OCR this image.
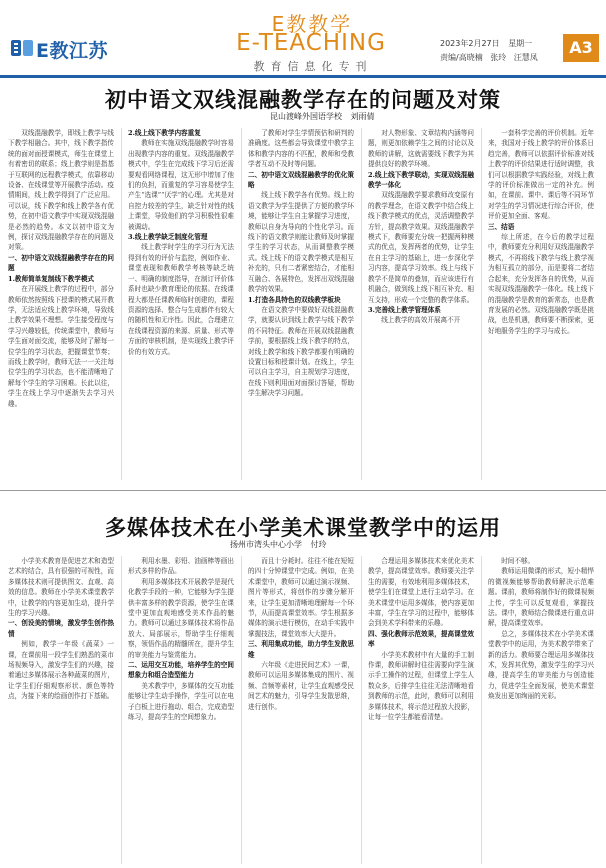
E教江苏
E教教学
E-TEACHING
教育信息化专刊
2023年2月27日 星期一
责编/高晓楠 张玲 汪慧凤
A3
初中语文双线混融教学存在的问题及对策
昆山渡峰外国语学校 刘雨倩

双线混融教学，即线上教学与线下教学相融合。其中，线下教学指传统的面对面授课模式，师生在课堂上有着密切的联系；线上教学则是指基于互联网的远程教学模式，依靠移动设备、在线课堂等开展教学活动。疫情期间，线上教学得到了广泛应用。可以说，线下教学和线上教学各有优势，在初中语文教学中实现双线混融是必然的趋势。本文以初中语文为例，探讨双线混融教学存在的问题及对策。

一、初中语文双线混融教学存在的问题

1.教师简单复制线下教学模式

在开展线上教学的过程中，部分教师依然按照线下授课的模式展开教学，无法适应线上教学环境，导致线上教学效果不理想。学生接受程度与学习兴趣较低，传统课堂中，教师与学生面对面交流，能够及时了解每一位学生的学习状态，把握课堂节奏；而线上教学时，教师无法一一关注每位学生的学习状态，也不能清晰地了解每个学生的学习困难。长此以往，学生在线上学习中逐渐失去学习兴趣。

2.线上线下教学内容重复

教师在实施双线混融教学时容易出现教学内容的重复。双线混融教学模式中，学生在完成线下学习后还需要观看网络课程，这无形中增加了他们的负担，而重复的学习容易使学生产生“选课”“厌学”的心理。尤其是对自控力较差的学生，缺乏针对性的线上课堂，导致他们的学习积极性很难被调动。

3.线上教学缺乏制度化管理

线上教学时学生的学习行为无法得到有效的评价与监控，例如作业、课堂表现和教师教学考核等缺乏统一、明确的制度指导，在制订评价体系时也缺少教育理论的依据。在线课程大都是任课教师临时创建的，课程资源的选择、整合与生成都伴有较大的随机性和无序性。因此，合理建立在线课程资源的来源、质量、形式等方面的审核机制，是实现线上教学评价的有效方式。

了教师对学生学情预估和研判的准确度。这些都会导致课堂中教学主体和教学内容的不匹配，教师和受教学者互动不及时等问题。

二、初中语文双线混融教学的优化策略

线上线下教学各有优势。线上的语文教学为学生提供了方便的教学环境，能够让学生自主掌握学习进度，教师以自身为导向的个性化学习。而线下的语文教学则能让教师及时掌握学生的学习状态，从而调整教学模式。线上线下的语文教学模式是相互补充的，只有二者紧密结合，才能相互融合、各展特色，发挥出双线混融教学的效果。

1.打造各具特色的双线教学板块

在语文教学中要做好双线混融教学，就要认识到线上教学与线下教学的不同特征。教师在开展双线混融教学前，要根据线上线下教学的特点，对线上教学和线下教学都要有明确的设置目标和授课计划。在线上，学生可以自主学习，自主规划学习进度，在线下则利用面对面探讨答疑，帮助学生解决学习问题。

对人物形象、文章结构内涵等问题，则更加依赖学生之间的讨论以及教师的讲解，这就需要线下教学为其提供良好的教学环境。

2.线上线下教学联动，实现双线混融教学一体化

双线混融教学要求教师改变原有的教学理念，在语文教学中结合线上线下教学模式的优点，灵活调整教学方针，提高教学效果。双线混融教学模式下，教师要充分统一把握两种模式的优点，发挥两者的优势，让学生在自主学习的基础上，进一步深化学习内容，提高学习效率。线上与线下教学不是简单的叠加，而应该进行有机融合，做到线上线下相互补充、相互支持，形成一个完整的教学体系。

3.完善线上教学管理体系

线上教学的高效开展离不开

一套科学完善的评价机制。近年来，我国对于线上教学的评价体系日趋完善，教师可以依据评价标准对线上教学的评价结果进行适时调整，我们可以根据教学实践经验，对线上教学的评价标准做出一定的补充。例如，在课前、课中、课后等不同环节对学生的学习情况进行综合评价，使评价更加全面、客观。

三、结语

综上所述，在今后的教学过程中，教师要充分利用好双线混融教学模式，不再将线下教学与线上教学视为相互孤立的部分，而是要将二者结合起来，充分发挥各自的优势，从而实现双线混融教学一体化。线上线下的混融教学是教育的新常态，也是教育发展的必然。双线混融教学既是挑战，也是机遇，教师要不断探索，更好地服务学生的学习与成长。

多媒体技术在小学美术课堂教学中的运用
扬州市湾头中心小学 付玲

小学美术教育是促进艺术和造型艺术的结合，具有很强的可视性，而多媒体技术则可提供图文、直观、高效的信息。教师在小学美术课堂教学中，让教学的内容更加生动，提升学生的学习兴趣。

一、创设美的情境，激发学生创作热情

例如，教学一年级《蔬菜》一课，在课前用一段学生们熟悉的菜市场视频导入，激发学生们的兴趣，接着通过多媒体展示各种蔬菜的图片，让学生们仔细观察形状、颜色等特点，为接下来的绘画创作打下基础。

利用水墨、彩铅、油画棒等画出形式多样的作品。

利用多媒体技术开展教学是现代化教学手段的一种，它能够为学生提供丰富多样的教学资源，使学生在课堂中更加直观地感受美术作品的魅力。教师可以通过多媒体技术将作品放大、局部展示，帮助学生仔细观察，领悟作品的精髓所在，提升学生的审美能力与鉴赏能力。

二、运用交互功能，培养学生的空间想象力和组合造型能力

美术教学中，多媒体的交互功能能够让学生动手操作，学生可以在电子白板上进行拖动、组合，完成造型练习，提高学生的空间想象力。

而且十分耗时。往往不能在短短的四十分钟课堂中完成。例如，在美术课堂中，教师可以通过演示视频、图片等形式，将创作的步骤分解开来，让学生更加清晰地理解每一个环节，从而提高课堂效率。学生根据多媒体的演示进行模仿，在动手实践中掌握技法，课堂效率大大提升。

三、利用集成功能，助力学生发散思维

六年级《走进民间艺术》一课，教师可以运用多媒体集成的图片、视频、音频等素材，让学生直观感受民间艺术的魅力，引导学生发散思维，进行创作。

合理运用多媒体技术来优化美术教学，提高课堂效率。教师要关注学生的需要，有效地利用多媒体技术，使学生们在课堂上进行主动学习。在美术课堂中运用多媒体，使内容更加丰富，学生在学习的过程中，能够体会到美术学科带来的乐趣。

四、强化教师示范效果，提高课堂效率

小学美术教材中有大量的手工制作课，教师讲解时往往需要向学生演示手工操作的过程，但课堂上学生人数众多，后排学生往往无法清晰地看到教师的示范，此时，教师可以利用多媒体技术，将示范过程放大投影，让每一位学生都能看清楚。

时间不够。

教师运用微课的形式，短小精悍的微视频能够帮助教师解决示范难题。课前，教师将制作好的微课视频上传，学生可以反复观看，掌握技法。课中，教师结合微课进行重点讲解，提高课堂效率。

总之，多媒体技术在小学美术课堂教学中的运用，为美术教学带来了新的活力。教师要合理运用多媒体技术，发挥其优势，激发学生的学习兴趣，提高学生的审美能力与创造能力，促进学生全面发展，使美术课堂焕发出更加绚丽的光彩。
